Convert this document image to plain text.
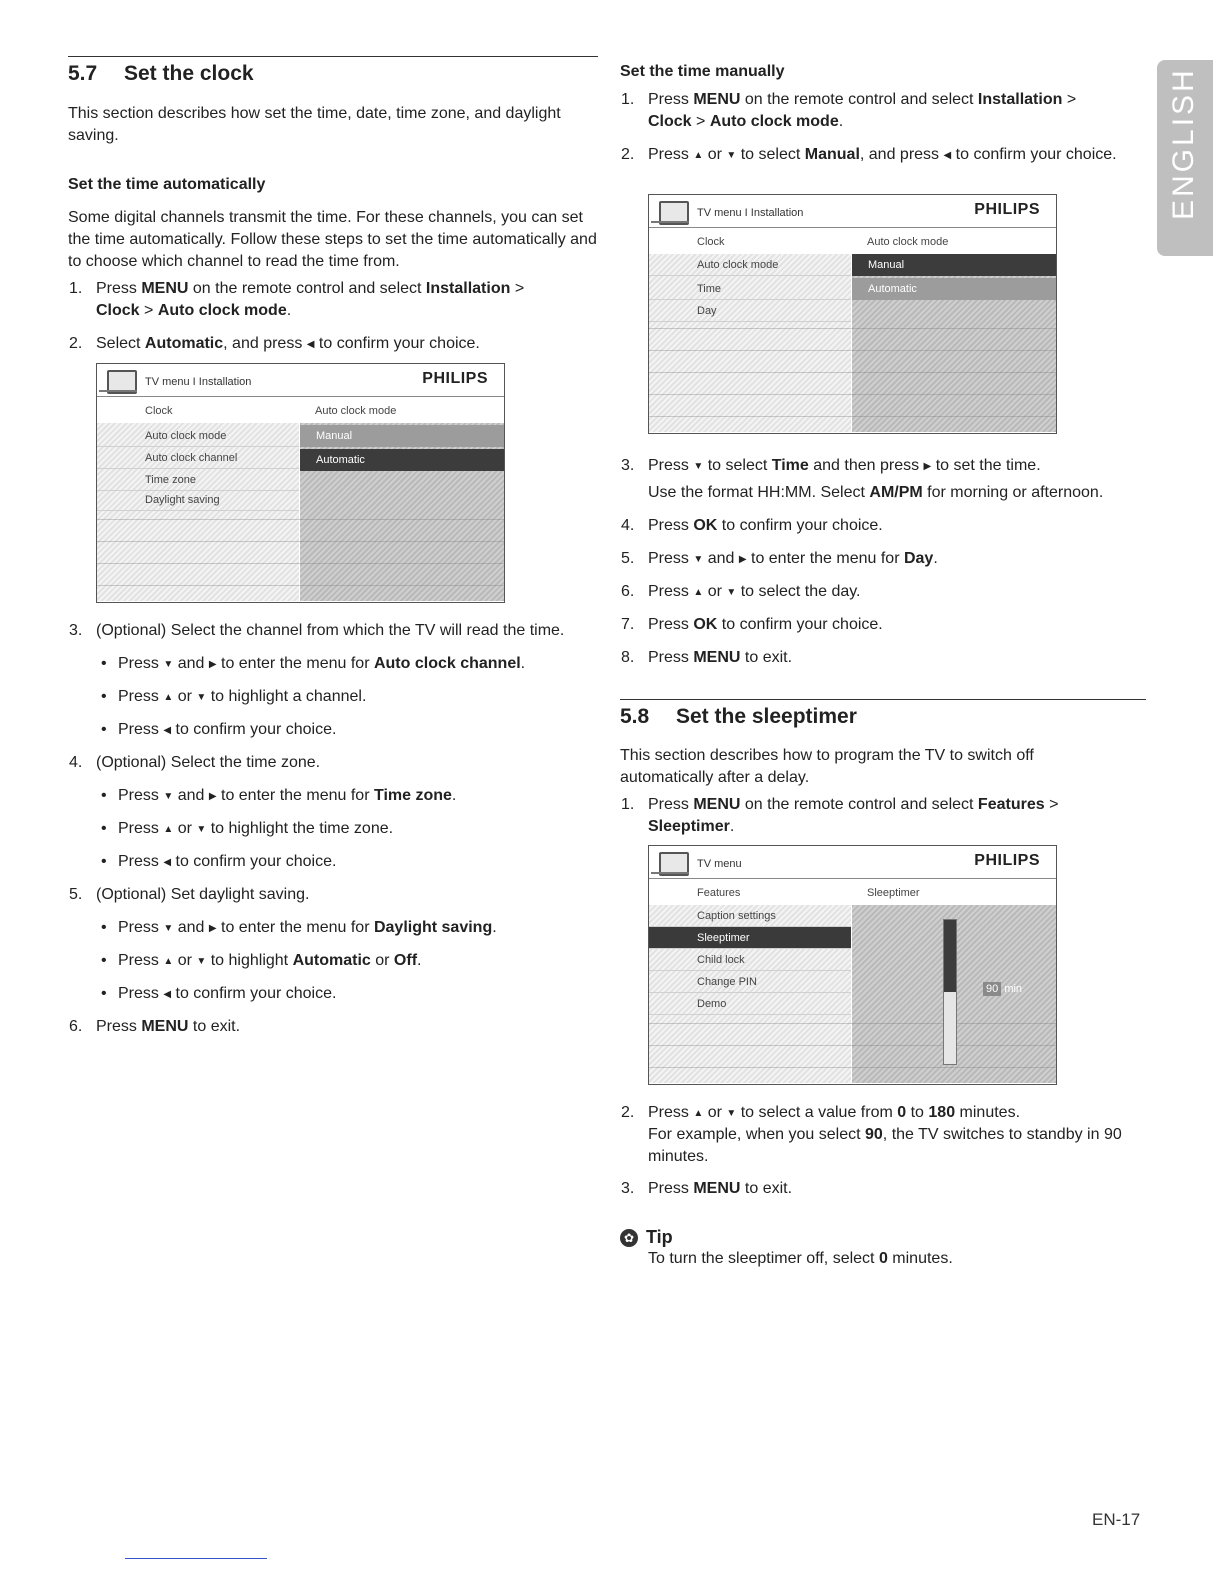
ENGLISH
5.7 Set the clock

This section describes how set the time, date, time zone, and daylight saving.

Set the time automatically

Some digital channels transmit the time. For these channels, you can set the time automatically. Follow these steps to set the time automatically and to choose which channel to read the time from.

1. Press MENU on the remote control and select Installation >
Clock > Auto clock mode.
2. Select Automatic, and press ◀ to confirm your choice.
TV menu I Installation	PHILIPS
Clock	Auto clock mode
Auto clock mode
Auto clock channel
Time zone
Daylight saving
Manual
Automatic
3. (Optional) Select the channel from which the TV will read the time.
• Press ▼ and ▶ to enter the menu for Auto clock channel.
• Press ▲ or ▼ to highlight a channel.
• Press ◀ to confirm your choice.
4. (Optional) Select the time zone.
• Press ▼ and ▶ to enter the menu for Time zone.
• Press ▲ or ▼ to highlight the time zone.
• Press ◀ to confirm your choice.
5. (Optional) Set daylight saving.
• Press ▼ and ▶ to enter the menu for Daylight saving.
• Press ▲ or ▼ to highlight Automatic or Off.
• Press ◀ to confirm your choice.
6. Press MENU to exit.
Set the time manually
1. Press MENU on the remote control and select Installation >
Clock > Auto clock mode.
2. Press ▲ or ▼ to select Manual, and press ◀ to confirm your choice.
TV menu I Installation	PHILIPS
Clock	Auto clock mode
Auto clock mode
Time
Day
Manual
Automatic
3. Press ▼ to select Time and then press ▶ to set the time.

Use the format HH:MM. Select AM/PM for morning or afternoon.

4. Press OK to confirm your choice.
5. Press ▼ and ▶ to enter the menu for Day.
6. Press ▲ or ▼ to select the day.
7. Press OK to confirm your choice.
8. Press MENU to exit.
5.8 Set the sleeptimer

This section describes how to program the TV to switch off automatically after a delay.

1. Press MENU on the remote control and select Features >
Sleeptimer.
TV menu	PHILIPS
Features	Sleeptimer
Caption settings
Sleeptimer
Child lock
Change PIN
Demo
90 min
2. Press ▲ or ▼ to select a value from 0 to 180 minutes.

For example, when you select 90, the TV switches to standby in 90 minutes.

3. Press MENU to exit.
✿ Tip

To turn the sleeptimer off, select 0 minutes.

EN-17
